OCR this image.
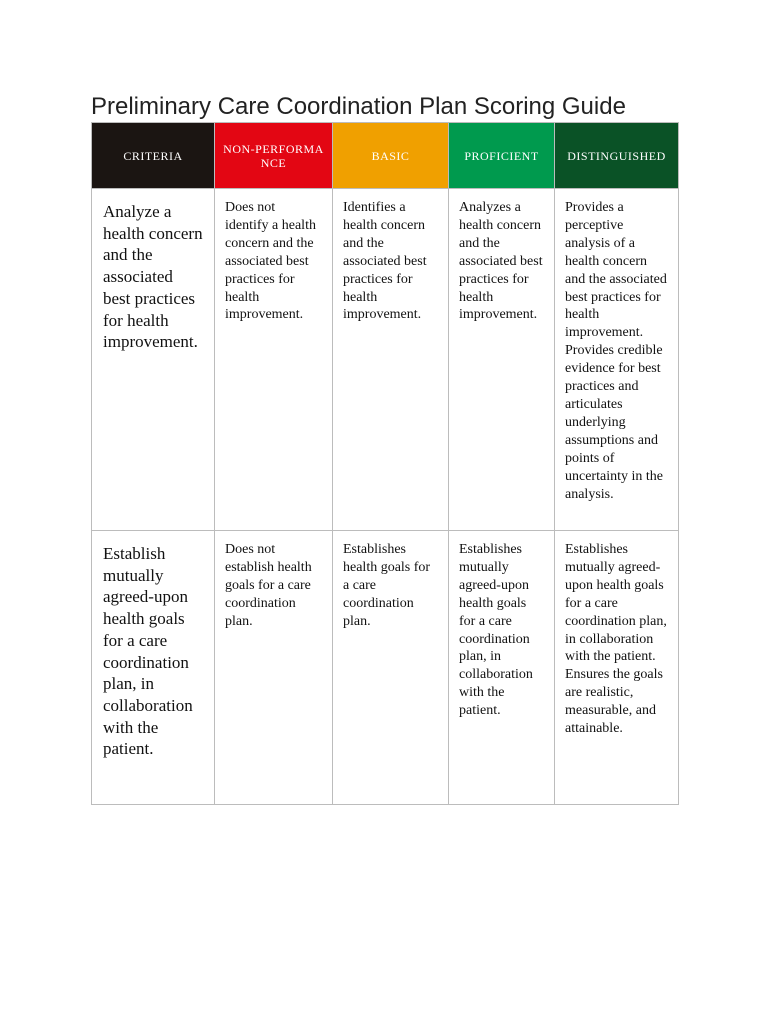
Preliminary Care Coordination Plan Scoring Guide
CRITERIA	NON-PERFORMANCE	BASIC	PROFICIENT	DISTINGUISHED
Analyze a health concern and the associated best practices for health improvement.	Does not identify a health concern and the associated best practices for health improvement.	Identifies a health concern and the associated best practices for health improvement.	Analyzes a health concern and the associated best practices for health improvement.	Provides a perceptive analysis of a health concern and the associated best practices for health improvement. Provides credible evidence for best practices and articulates underlying assumptions and points of uncertainty in the analysis.
Establish mutually agreed-upon health goals for a care coordination plan, in collaboration with the patient.	Does not establish health goals for a care coordination plan.	Establishes health goals for a care coordination plan.	Establishes mutually agreed-upon health goals for a care coordination plan, in collaboration with the patient.	Establishes mutually agreed-upon health goals for a care coordination plan, in collaboration with the patient. Ensures the goals are realistic, measurable, and attainable.
